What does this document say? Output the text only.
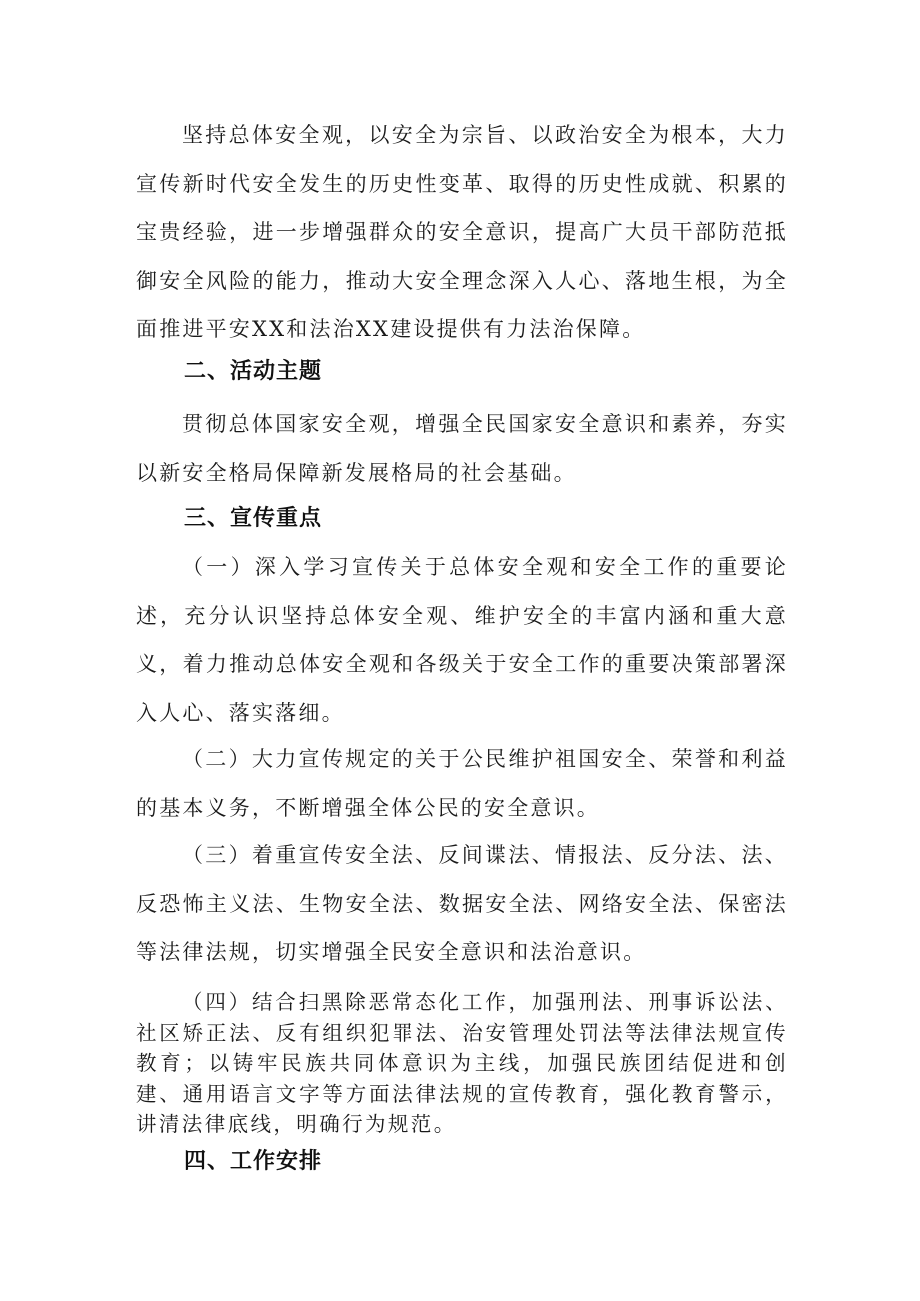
坚持总体安全观，以安全为宗旨、以政治安全为根本，大力宣传新时代安全发生的历史性变革、取得的历史性成就、积累的宝贵经验，进一步增强群众的安全意识，提高广大员干部防范抵御安全风险的能力，推动大安全理念深入人心、落地生根，为全面推进平安XX和法治XX建设提供有力法治保障。

二、活动主题

贯彻总体国家安全观，增强全民国家安全意识和素养，夯实以新安全格局保障新发展格局的社会基础。

三、宣传重点

（一）深入学习宣传关于总体安全观和安全工作的重要论述，充分认识坚持总体安全观、维护安全的丰富内涵和重大意义，着力推动总体安全观和各级关于安全工作的重要决策部署深入人心、落实落细。

（二）大力宣传规定的关于公民维护祖国安全、荣誉和利益的基本义务，不断增强全体公民的安全意识。

（三）着重宣传安全法、反间谍法、情报法、反分法、法、反恐怖主义法、生物安全法、数据安全法、网络安全法、保密法等法律法规，切实增强全民安全意识和法治意识。

（四）结合扫黑除恶常态化工作，加强刑法、刑事诉讼法、社区矫正法、反有组织犯罪法、治安管理处罚法等法律法规宣传教育；以铸牢民族共同体意识为主线，加强民族团结促进和创建、通用语言文字等方面法律法规的宣传教育，强化教育警示，讲清法律底线，明确行为规范。

四、工作安排
